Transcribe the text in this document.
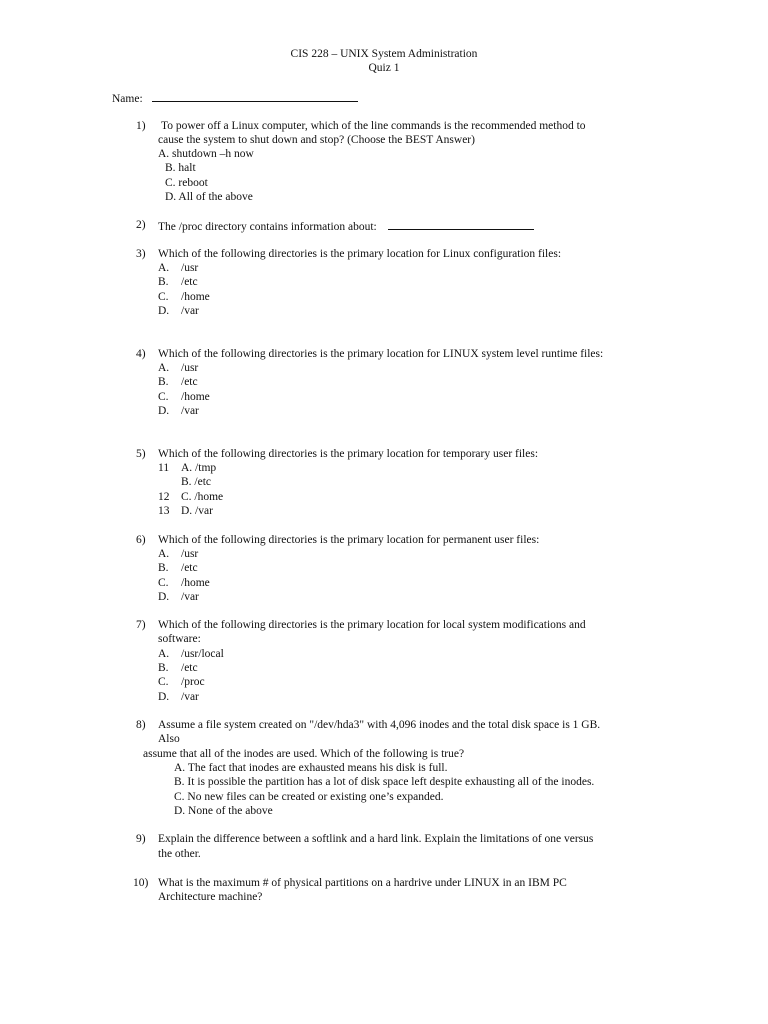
CIS 228 – UNIX System Administration
Quiz 1
Name:
1)	To power off a Linux computer, which of the line commands is the recommended method to
cause the system to shut down and stop? (Choose the BEST Answer)
A. shutdown –h now
B. halt
C. reboot
D. All of the above
2)	The /proc directory contains information about:
3)	Which of the following directories is the primary location for Linux configuration files:
A. /usr
B. /etc
C. /home
D. /var
4)	Which of the following directories is the primary location for LINUX system level runtime files:
A. /usr
B. /etc
C. /home
D. /var
5)	Which of the following directories is the primary location for temporary user files:
11 A. /tmp
B. /etc
12 C. /home
13 D. /var
6)	Which of the following directories is the primary location for permanent user files:
A. /usr
B. /etc
C. /home
D. /var
7)	Which of the following directories is the primary location for local system modifications and
software:
A. /usr/local
B. /etc
C. /proc
D. /var
8)	Assume a file system created on "/dev/hda3" with 4,096 inodes and the total disk space is 1 GB.
Also
assume that all of the inodes are used. Which of the following is true?
A. The fact that inodes are exhausted means his disk is full.
B. It is possible the partition has a lot of disk space left despite exhausting all of the inodes.
C. No new files can be created or existing one’s expanded.
D. None of the above
9)	Explain the difference between a softlink and a hard link. Explain the limitations of one versus
the other.
10) What is the maximum # of physical partitions on a hardrive under LINUX in an IBM PC
Architecture machine?
